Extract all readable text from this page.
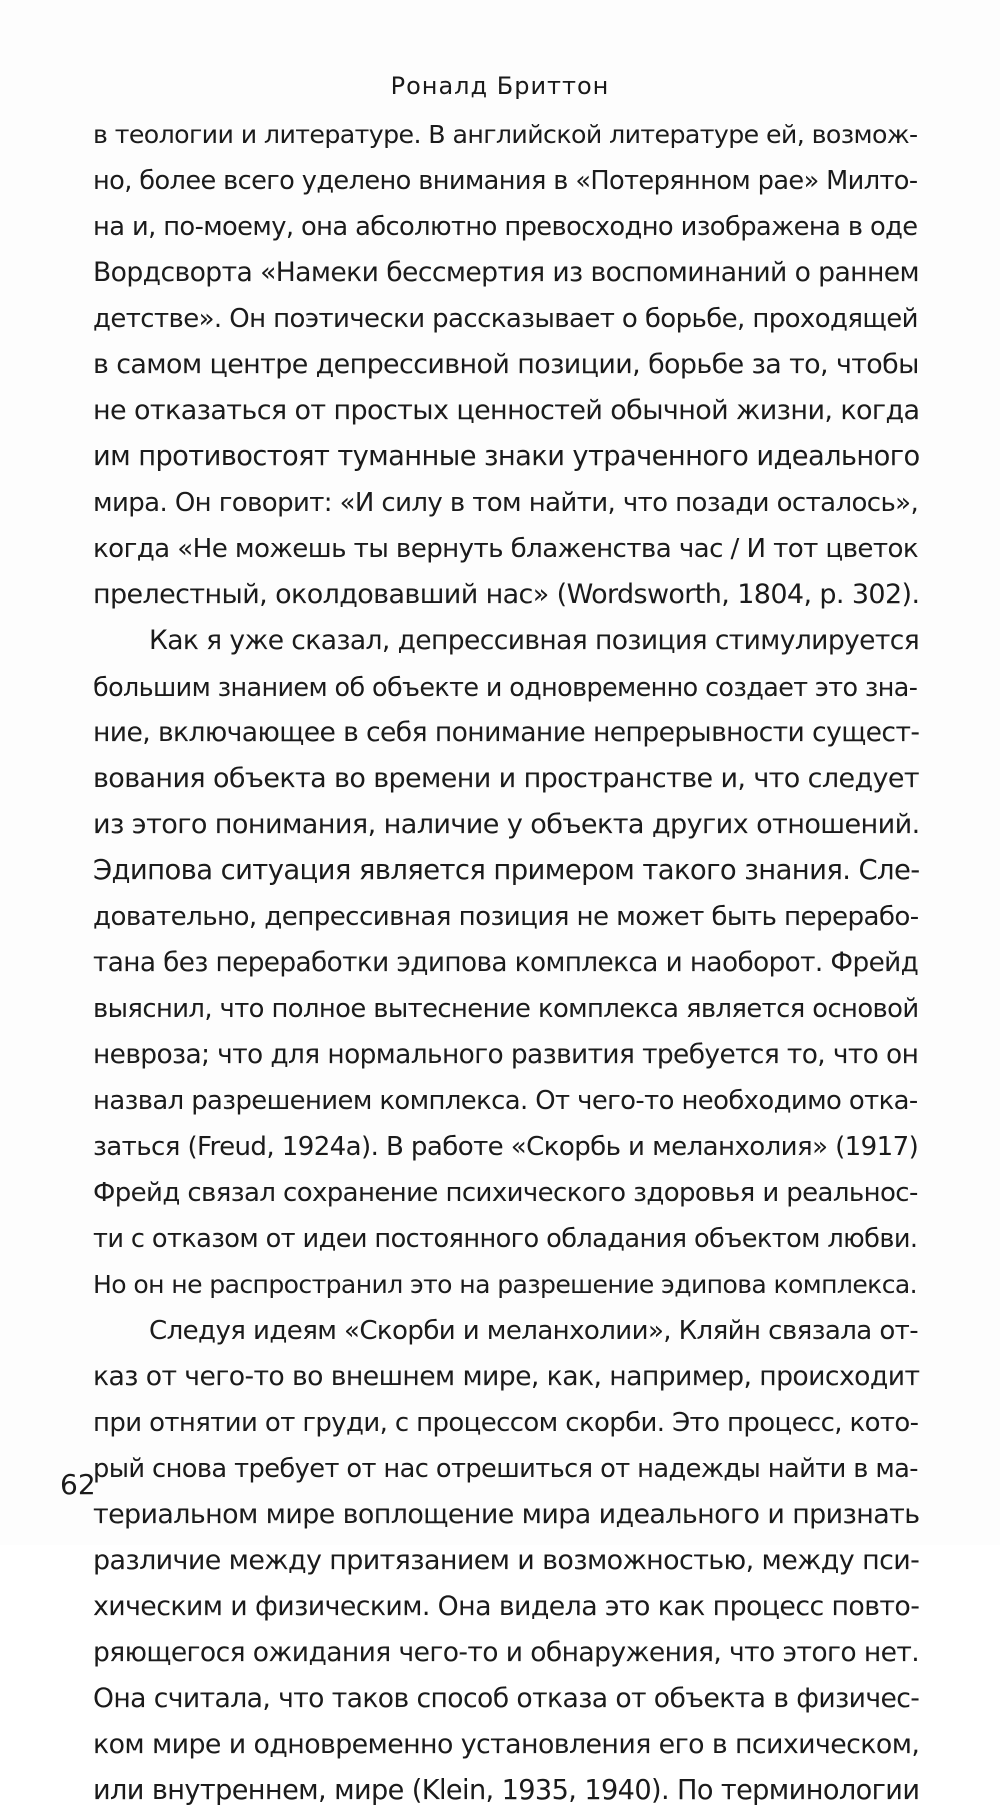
Роналд Бриттон
в теологии и литературе. В английской литературе ей, возмож-
но, более всего уделено внимания в «Потерянном рае» Милто-
на и, по-моему, она абсолютно превосходно изображена в оде
Вордсворта «Намеки бессмертия из воспоминаний о раннем
детстве». Он поэтически рассказывает о борьбе, проходящей
в самом центре депрессивной позиции, борьбе за то, чтобы
не отказаться от простых ценностей обычной жизни, когда
им противостоят туманные знаки утраченного идеального
мира. Он говорит: «И силу в том найти, что позади осталось»,
когда «Не можешь ты вернуть блаженства час / И тот цветок
прелестный, околдовавший нас» (Wordsworth, 1804, p. 302).
Как я уже сказал, депрессивная позиция стимулируется
большим знанием об объекте и одновременно создает это зна-
ние, включающее в себя понимание непрерывности сущест-
вования объекта во времени и пространстве и, что следует
из этого понимания, наличие у объекта других отношений.
Эдипова ситуация является примером такого знания. Сле-
довательно, депрессивная позиция не может быть перерабо-
тана без переработки эдипова комплекса и наоборот. Фрейд
выяснил, что полное вытеснение комплекса является основой
невроза; что для нормального развития требуется то, что он
назвал разрешением комплекса. От чего-то необходимо отка-
заться (Freud, 1924a). В работе «Скорбь и меланхолия» (1917)
Фрейд связал сохранение психического здоровья и реальнос-
ти с отказом от идеи постоянного обладания объектом любви.
Но он не распространил это на разрешение эдипова комплекса.
Следуя идеям «Скорби и меланхолии», Кляйн связала от-
каз от чего-то во внешнем мире, как, например, происходит
при отнятии от груди, с процессом скорби. Это процесс, кото-
рый снова требует от нас отрешиться от надежды найти в ма-
териальном мире воплощение мира идеального и признать
различие между притязанием и возможностью, между пси-
хическим и физическим. Она видела это как процесс повто-
ряющегося ожидания чего-то и обнаружения, что этого нет.
Она считала, что таков способ отказа от объекта в физичес-
ком мире и одновременно установления его в психическом,
или внутреннем, мире (Klein, 1935, 1940). По терминологии
62
